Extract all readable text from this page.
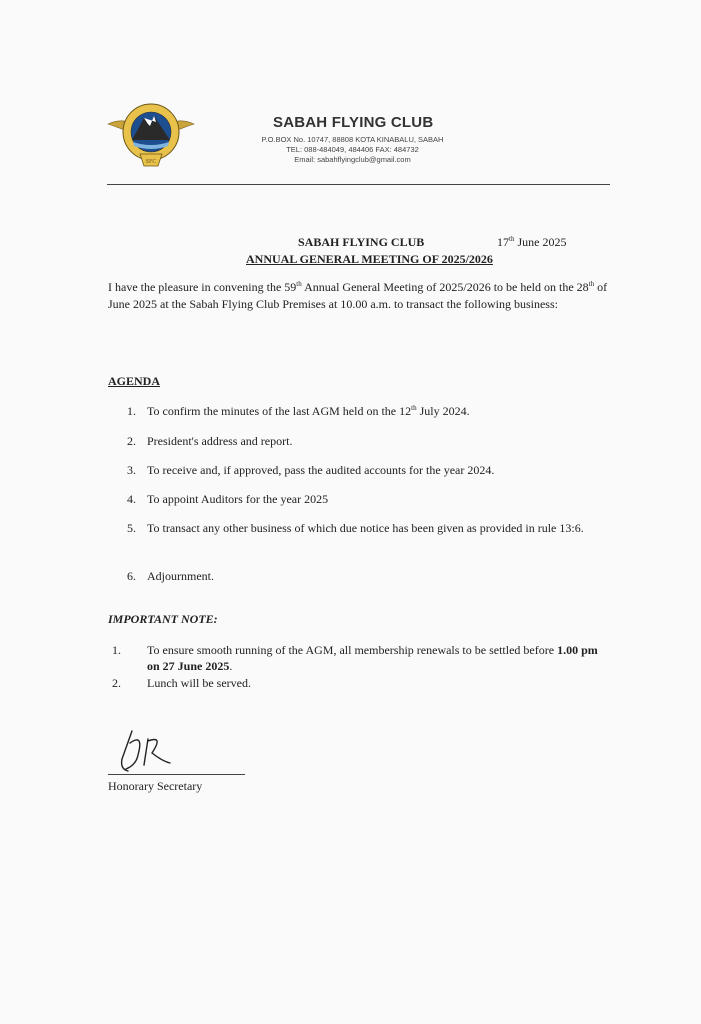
SFC
SABAH FLYING CLUB
P.O.BOX No. 10747, 88808 KOTA KINABALU, SABAH
TEL: 088-484049, 484406 FAX: 484732
Email: sabahflyingclub@gmail.com
SABAH FLYING CLUB	17th June 2025
ANNUAL GENERAL MEETING OF 2025/2026
I have the pleasure in convening the 59th Annual General Meeting of 2025/2026 to be held on the 28th of June 2025 at the Sabah Flying Club Premises at 10.00 a.m. to transact the following business:
AGENDA
1. To confirm the minutes of the last AGM held on the 12th July 2024.
2. President's address and report.
3. To receive and, if approved, pass the audited accounts for the year 2024.
4. To appoint Auditors for the year 2025
5. To transact any other business of which due notice has been given as provided in rule 13:6.
6. Adjournment.
IMPORTANT NOTE:
1. To ensure smooth running of the AGM, all membership renewals to be settled before 1.00 pm on 27 June 2025.
2. Lunch will be served.
Honorary Secretary
